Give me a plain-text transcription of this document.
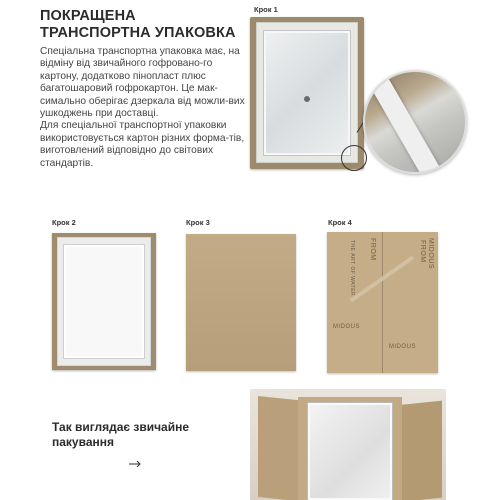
ПОКРАЩЕНА ТРАНСПОРТНА УПАКОВКА

Спеціальна транспортна упаковка має, на відміну від звичайного гофровано-го картону, додатково пінопласт плюс багатошаровий гофрокартон. Це мак-симально оберігає дзеркала від можли-вих ушкоджень при доставці.

Для спеціальної транспортної упаковки використовується картон різних форма-тів, виготовлений відповідно до світових стандартів.

Крок 1
Крок 2	Крок 3	Крок 4
THE ART OF WATER FROM	FROM MIDOUS
MIDOUS
MIDOUS
Так виглядає звичайне пакування
